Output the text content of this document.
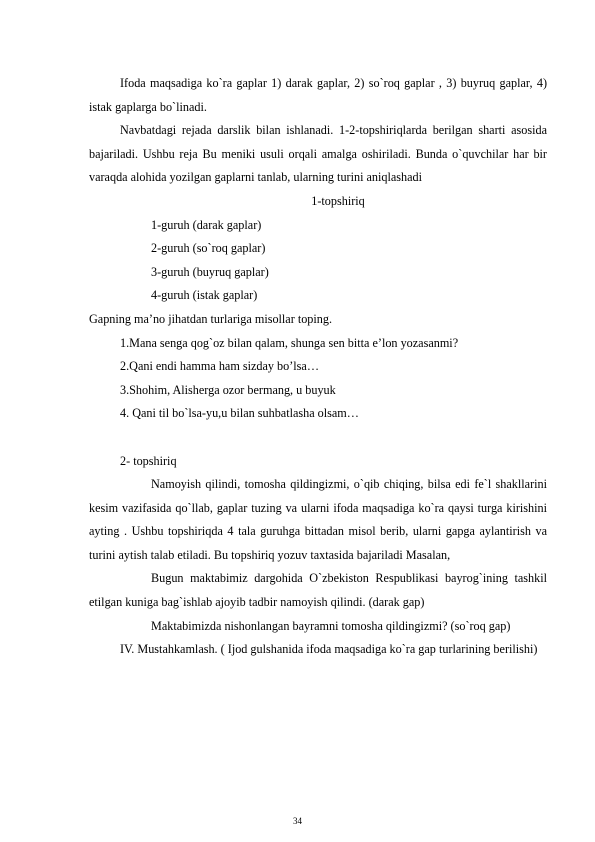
Ifoda maqsadiga ko`ra gaplar 1) darak gaplar, 2) so`roq gaplar , 3) buyruq gaplar, 4) istak gaplarga bo`linadi.

Navbatdagi rejada darslik bilan ishlanadi. 1-2-topshiriqlarda berilgan sharti asosida bajariladi. Ushbu reja Bu meniki usuli orqali amalga oshiriladi. Bunda o`quvchilar har bir varaqda alohida yozilgan gaplarni tanlab, ularning turini aniqlashadi

1-topshiriq

1-guruh (darak gaplar)

2-guruh (so`roq gaplar)

3-guruh (buyruq gaplar)

4-guruh (istak gaplar)

Gapning ma’no jihatdan turlariga misollar toping.

1.Mana senga qog`oz bilan qalam, shunga sen bitta e’lon yozasanmi?

2.Qani endi hamma ham sizday bo’lsa…

3.Shohim, Alisherga ozor bermang, u buyuk

4. Qani til bo`lsa-yu,u bilan suhbatlasha olsam…

2- topshiriq

Namoyish qilindi, tomosha qildingizmi, o`qib chiqing, bilsa edi fe`l shakllarini kesim vazifasida qo`llab, gaplar tuzing va ularni ifoda maqsadiga ko`ra qaysi turga kirishini ayting . Ushbu topshiriqda 4 tala guruhga bittadan misol berib, ularni gapga aylantirish va turini aytish talab etiladi. Bu topshiriq yozuv taxtasida bajariladi Masalan,

Bugun maktabimiz dargohida O`zbekiston Respublikasi bayrog`ining tashkil etilgan kuniga bag`ishlab ajoyib tadbir namoyish qilindi. (darak gap)

Maktabimizda nishonlangan bayramni tomosha qildingizmi? (so`roq gap)

IV. Mustahkamlash. ( Ijod gulshanida ifoda maqsadiga ko`ra gap turlarining berilishi)

34
